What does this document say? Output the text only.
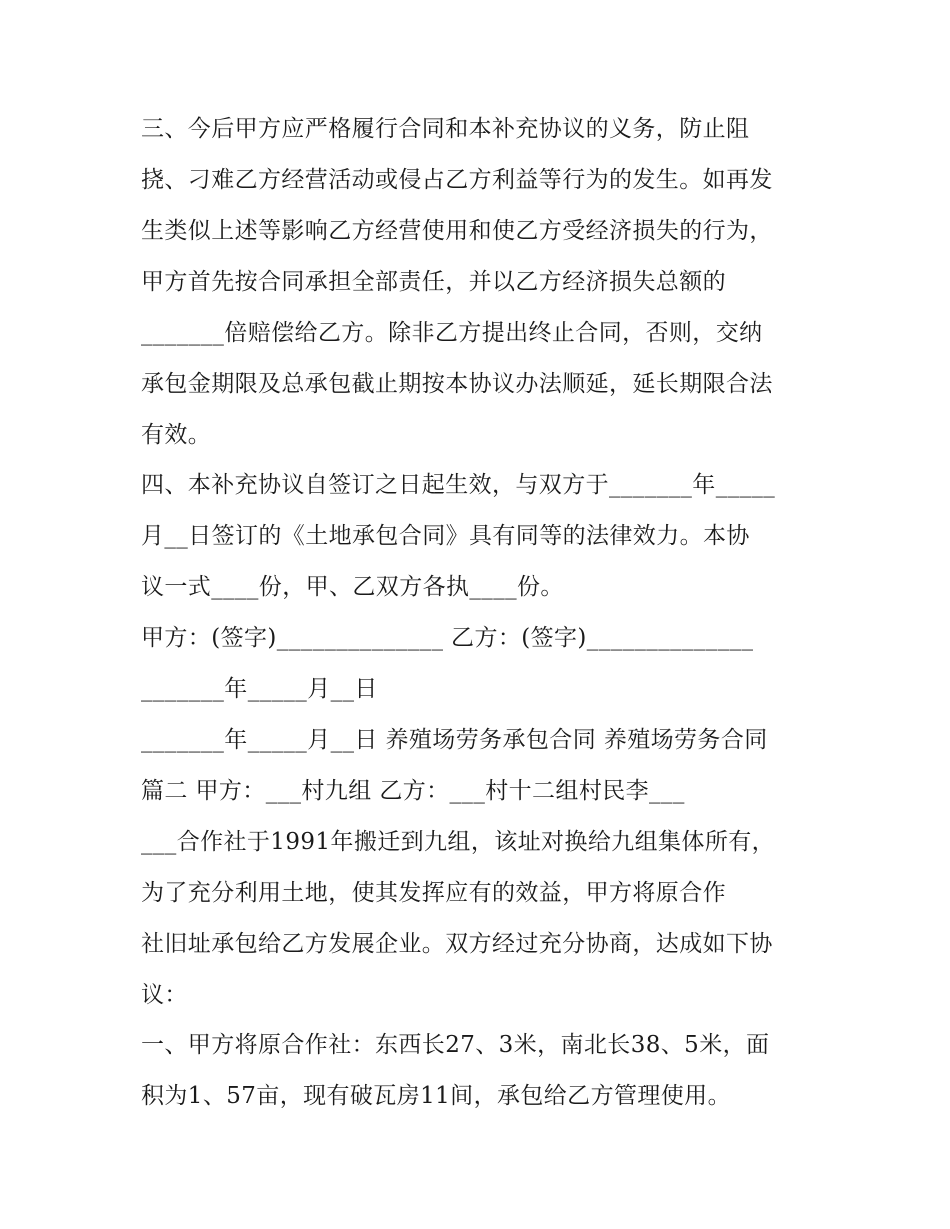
三、今后甲方应严格履行合同和本补充协议的义务，防止阻
挠、刁难乙方经营活动或侵占乙方利益等行为的发生。如再发
生类似上述等影响乙方经营使用和使乙方受经济损失的行为，
甲方首先按合同承担全部责任，并以乙方经济损失总额的
_______倍赔偿给乙方。除非乙方提出终止合同，否则，交纳
承包金期限及总承包截止期按本协议办法顺延，延长期限合法
有效。
四、本补充协议自签订之日起生效，与双方于_______年_____
月__日签订的《土地承包合同》具有同等的法律效力。本协
议一式____份，甲、乙双方各执____份。
甲方：(签字)______________ 乙方：(签字)______________
_______年_____月__日
_______年_____月__日 养殖场劳务承包合同 养殖场劳务合同
篇二 甲方：___村九组 乙方：___村十二组村民李___
___合作社于1991年搬迁到九组，该址对换给九组集体所有，
为了充分利用土地，使其发挥应有的效益，甲方将原合作
社旧址承包给乙方发展企业。双方经过充分协商，达成如下协
议：
一、甲方将原合作社：东西长27、3米，南北长38、5米，面
积为1、57亩，现有破瓦房11间，承包给乙方管理使用。
